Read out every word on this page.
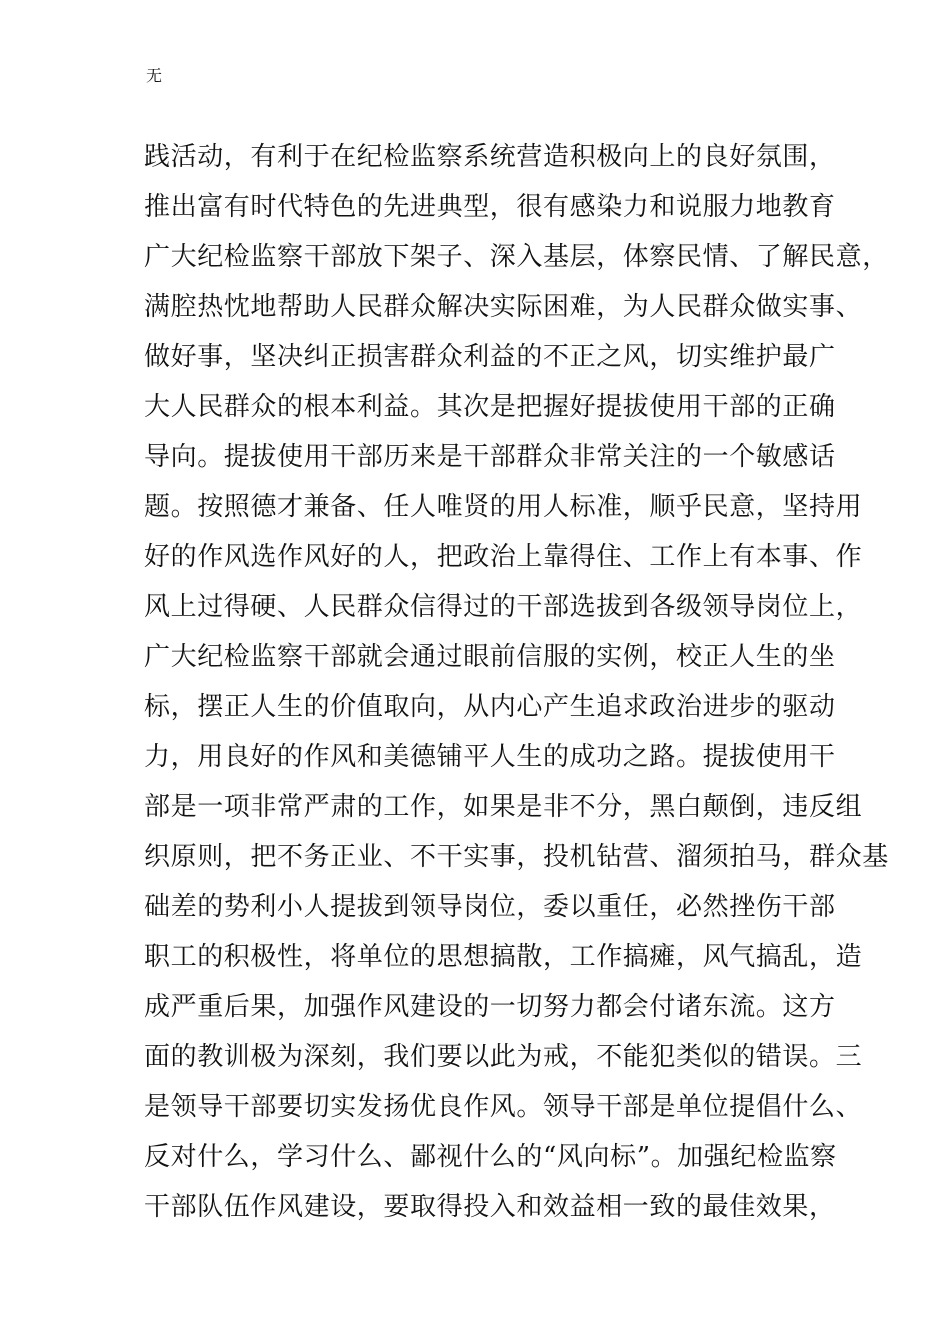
无
践活动，有利于在纪检监察系统营造积极向上的良好氛围，
推出富有时代特色的先进典型，很有感染力和说服力地教育
广大纪检监察干部放下架子、深入基层，体察民情、了解民意，
满腔热忱地帮助人民群众解决实际困难，为人民群众做实事、
做好事，坚决纠正损害群众利益的不正之风，切实维护最广
大人民群众的根本利益。其次是把握好提拔使用干部的正确
导向。提拔使用干部历来是干部群众非常关注的一个敏感话
题。按照德才兼备、任人唯贤的用人标准，顺乎民意，坚持用
好的作风选作风好的人，把政治上靠得住、工作上有本事、作
风上过得硬、人民群众信得过的干部选拔到各级领导岗位上，
广大纪检监察干部就会通过眼前信服的实例，校正人生的坐
标，摆正人生的价值取向，从内心产生追求政治进步的驱动
力，用良好的作风和美德铺平人生的成功之路。提拔使用干
部是一项非常严肃的工作，如果是非不分，黑白颠倒，违反组
织原则，把不务正业、不干实事，投机钻营、溜须拍马，群众基
础差的势利小人提拔到领导岗位，委以重任，必然挫伤干部
职工的积极性，将单位的思想搞散，工作搞瘫，风气搞乱，造
成严重后果，加强作风建设的一切努力都会付诸东流。这方
面的教训极为深刻，我们要以此为戒，不能犯类似的错误。三
是领导干部要切实发扬优良作风。领导干部是单位提倡什么、
反对什么，学习什么、鄙视什么的“风向标”。加强纪检监察
干部队伍作风建设，要取得投入和效益相一致的最佳效果，
